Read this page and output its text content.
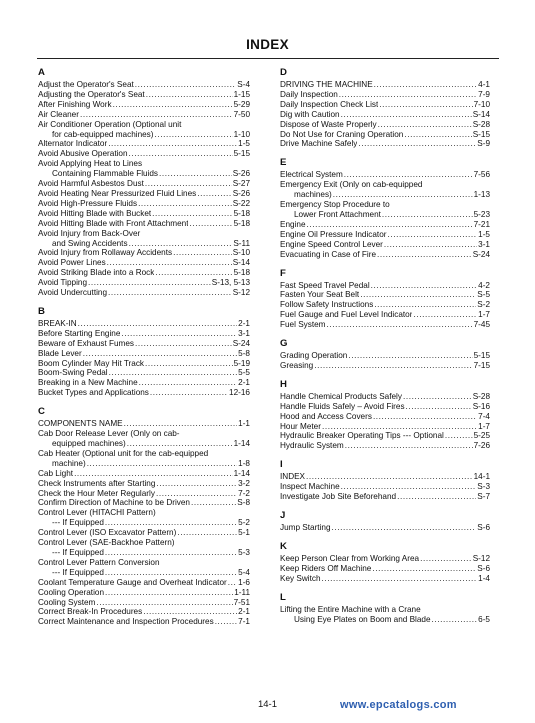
INDEX
A
Adjust the Operator's Seat .....	S-4
Adjusting the Operator's Seat .....	1-15
After Finishing Work .....	5-29
Air Cleaner .....	7-50
Air Conditioner Operation (Optional unit
for cab-equipped machines) .....	1-10
Alternator Indicator .....	1-5
Avoid Abusive Operation .....	5-15
Avoid Applying Heat to Lines
Containing Flammable Fluids .....	S-26
Avoid Harmful Asbestos Dust .....	S-27
Avoid Heating Near Pressurized Fluid Lines .....	S-26
Avoid High-Pressure Fluids .....	S-22
Avoid Hitting Blade with Bucket .....	5-18
Avoid Hitting Blade with Front Attachment .....	5-18
Avoid Injury from Back-Over
and Swing Accidents .....	S-11
Avoid Injury from Rollaway Accidents .....	S-10
Avoid Power Lines .....	S-14
Avoid Striking Blade into a Rock .....	5-18
Avoid Tipping .....	S-13, 5-13
Avoid Undercutting .....	S-12
B
BREAK-IN .....	2-1
Before Starting Engine .....	3-1
Beware of Exhaust Fumes .....	S-24
Blade Lever .....	5-8
Boom Cylinder May Hit Track .....	5-19
Boom-Swing Pedal .....	5-5
Breaking in a New Machine .....	2-1
Bucket Types and Applications .....	12-16
C
COMPONENTS NAME .....	1-1
Cab Door Release Lever (Only on cab-
equipped machines) .....	1-14
Cab Heater (Optional unit for the cab-equipped
machine) .....	1-8
Cab Light .....	1-14
Check Instruments after Starting .....	3-2
Check the Hour Meter Regularly .....	7-2
Confirm Direction of Machine to be Driven .....	S-8
Control Lever (HITACHI Pattern)
--- If Equipped .....	5-2
Control Lever (ISO Excavator Pattern) .....	5-1
Control Lever (SAE-Backhoe Pattern)
--- If Equipped .....	5-3
Control Lever Pattern Conversion
--- If Equipped .....	5-4
Coolant Temperature Gauge and Overheat Indicator ..... 1-6
Cooling Operation .....	1-11
Cooling System .....	7-51
Correct Break-In Procedures .....	2-1
Correct Maintenance and Inspection Procedures .....	7-1
D
DRIVING THE MACHINE .....	4-1
Daily Inspection .....	7-9
Daily Inspection Check List .....	7-10
Dig with Caution .....	S-14
Dispose of Waste Properly .....	S-28
Do Not Use for Craning Operation .....	S-15
Drive Machine Safely .....	S-9
E
Electrical System .....	7-56
Emergency Exit (Only on cab-equipped
machines) .....	1-13
Emergency Stop Procedure to
Lower Front Attachment .....	5-23
Engine .....	7-21
Engine Oil Pressure Indicator .....	1-5
Engine Speed Control Lever .....	3-1
Evacuating in Case of Fire .....	S-24
F
Fast Speed Travel Pedal .....	4-2
Fasten Your Seat Belt .....	S-5
Follow Safety Instructions .....	S-2
Fuel Gauge and Fuel Level Indicator .....	1-7
Fuel System .....	7-45
G
Grading Operation .....	5-15
Greasing .....	7-15
H
Handle Chemical Products Safely .....	S-28
Handle Fluids Safely – Avoid Fires .....	S-16
Hood and Access Covers .....	7-4
Hour Meter .....	1-7
Hydraulic Breaker Operating Tips --- Optional .....	5-25
Hydraulic System .....	7-26
I
INDEX .....	14-1
Inspect Machine .....	S-3
Investigate Job Site Beforehand .....	S-7
J
Jump Starting .....	S-6
K
Keep Person Clear from Working Area .....	S-12
Keep Riders Off Machine .....	S-6
Key Switch .....	1-4
L
Lifting the Entire Machine with a Crane
Using Eye Plates on Boom and Blade .....	6-5
14-1	www.epcatalogs.com
